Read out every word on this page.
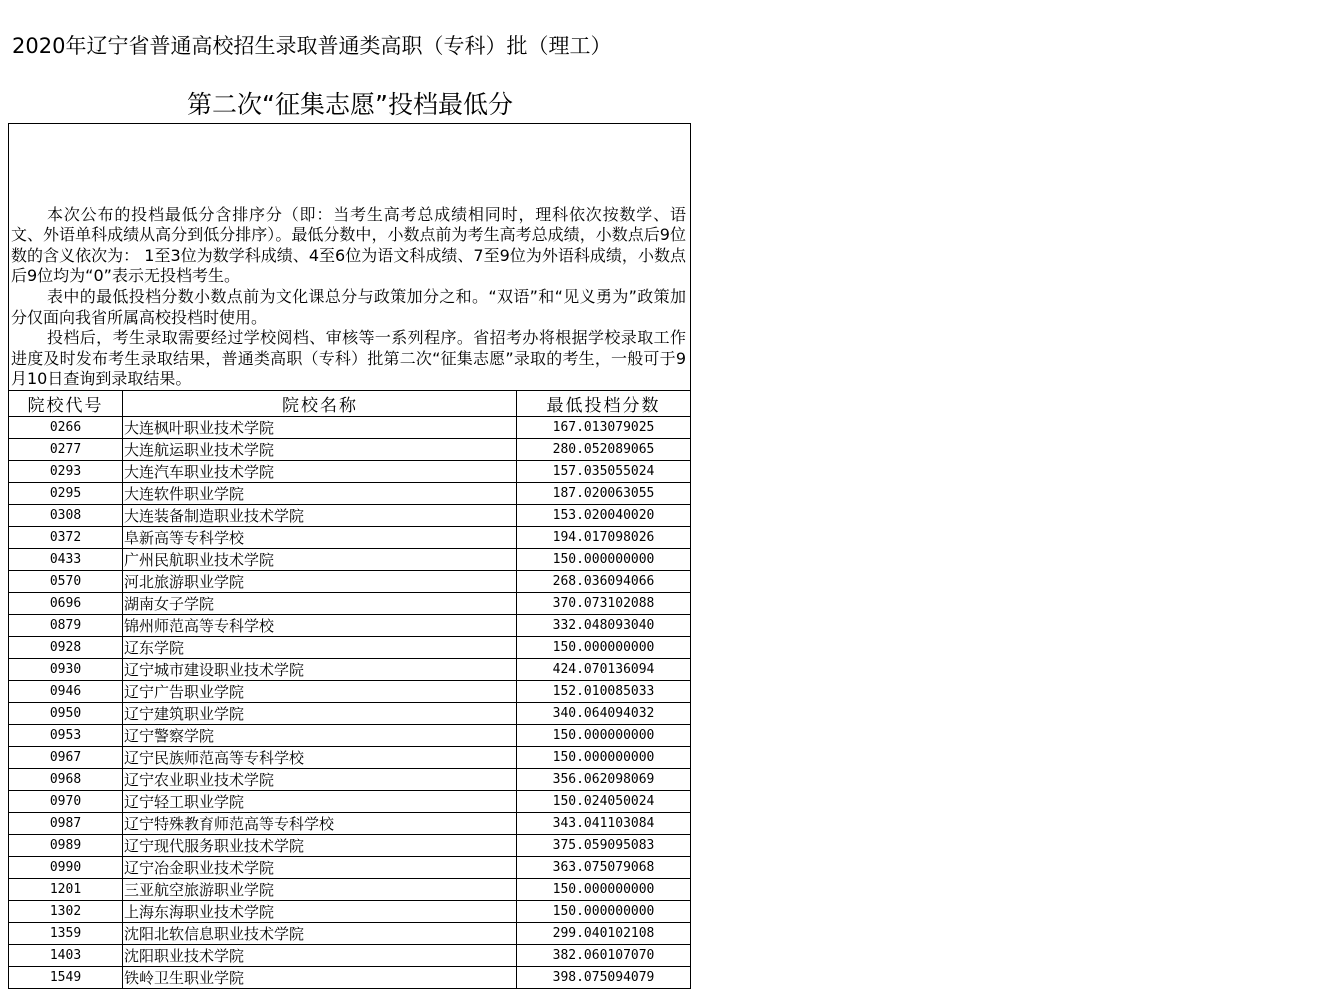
2020年辽宁省普通高校招生录取普通类高职（专科）批（理工）
第二次“征集志愿”投档最低分

本次公布的投档最低分含排序分（即：当考生高考总成绩相同时，理科依次按数学、语文、外语单科成绩从高分到低分排序）。最低分数中，小数点前为考生高考总成绩，小数点后9位数的含义依次为： 1至3位为数学科成绩、4至6位为语文科成绩、7至9位为外语科成绩，小数点后9位均为“0”表示无投档考生。

表中的最低投档分数小数点前为文化课总分与政策加分之和。“双语”和“见义勇为”政策加分仅面向我省所属高校投档时使用。

投档后，考生录取需要经过学校阅档、审核等一系列程序。省招考办将根据学校录取工作进度及时发布考生录取结果，普通类高职（专科）批第二次“征集志愿”录取的考生，一般可于9月10日查询到录取结果。

院校代号	院校名称	最低投档分数
0266	大连枫叶职业技术学院	167.013079025
0277	大连航运职业技术学院	280.052089065
0293	大连汽车职业技术学院	157.035055024
0295	大连软件职业学院	187.020063055
0308	大连装备制造职业技术学院	153.020040020
0372	阜新高等专科学校	194.017098026
0433	广州民航职业技术学院	150.000000000
0570	河北旅游职业学院	268.036094066
0696	湖南女子学院	370.073102088
0879	锦州师范高等专科学校	332.048093040
0928	辽东学院	150.000000000
0930	辽宁城市建设职业技术学院	424.070136094
0946	辽宁广告职业学院	152.010085033
0950	辽宁建筑职业学院	340.064094032
0953	辽宁警察学院	150.000000000
0967	辽宁民族师范高等专科学校	150.000000000
0968	辽宁农业职业技术学院	356.062098069
0970	辽宁轻工职业学院	150.024050024
0987	辽宁特殊教育师范高等专科学校	343.041103084
0989	辽宁现代服务职业技术学院	375.059095083
0990	辽宁冶金职业技术学院	363.075079068
1201	三亚航空旅游职业学院	150.000000000
1302	上海东海职业技术学院	150.000000000
1359	沈阳北软信息职业技术学院	299.040102108
1403	沈阳职业技术学院	382.060107070
1549	铁岭卫生职业学院	398.075094079
